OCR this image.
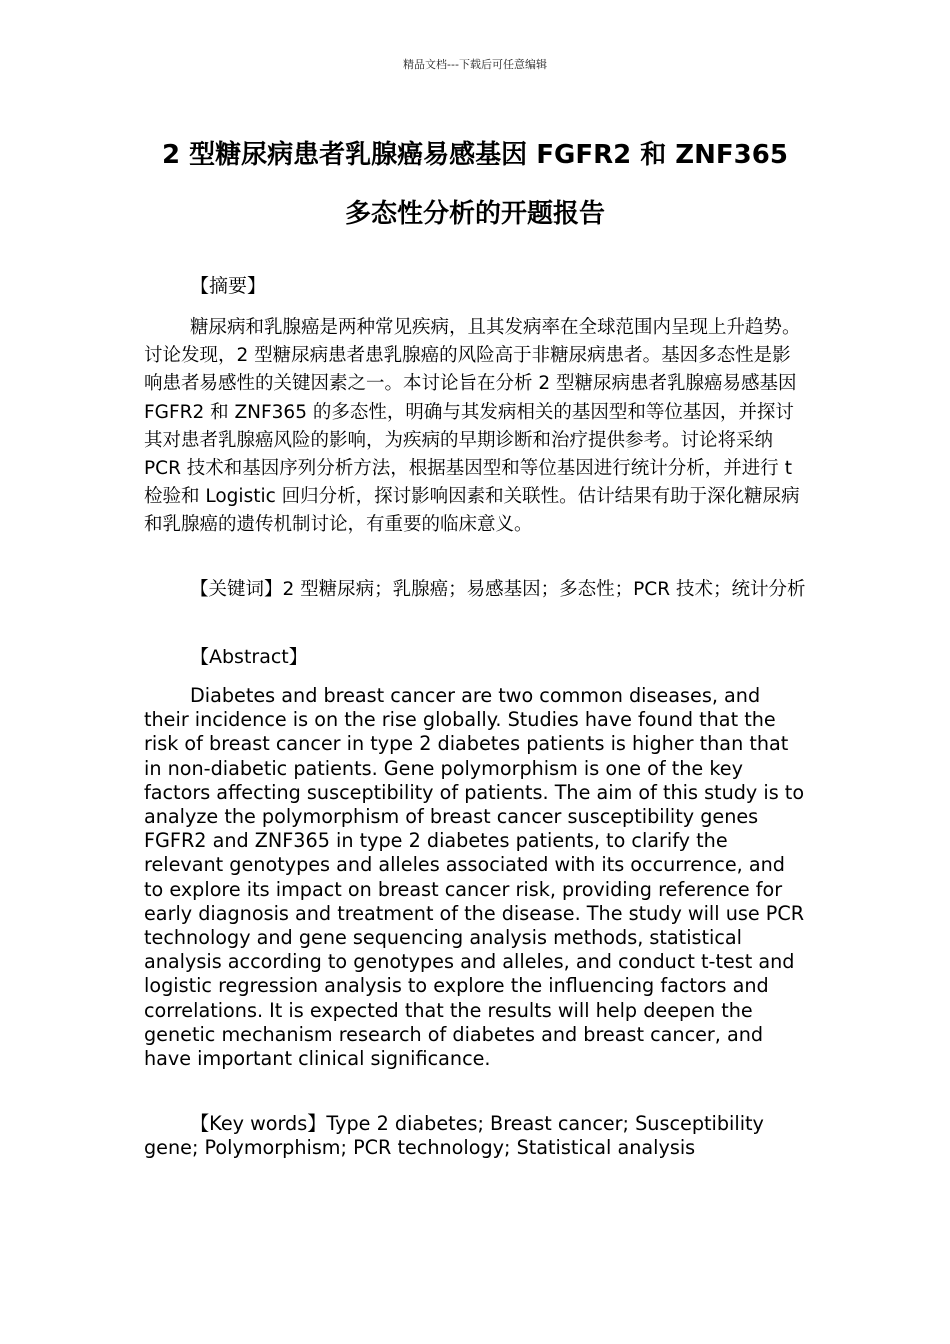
精品文档---下载后可任意编辑
2 型糖尿病患者乳腺癌易感基因 FGFR2 和 ZNF365
多态性分析的开题报告

【摘要】

糖尿病和乳腺癌是两种常见疾病，且其发病率在全球范围内呈现上升趋势。讨论发现，2 型糖尿病患者患乳腺癌的风险高于非糖尿病患者。基因多态性是影响患者易感性的关键因素之一。本讨论旨在分析 2 型糖尿病患者乳腺癌易感基因 FGFR2 和 ZNF365 的多态性，明确与其发病相关的基因型和等位基因，并探讨其对患者乳腺癌风险的影响，为疾病的早期诊断和治疗提供参考。讨论将采纳 PCR 技术和基因序列分析方法，根据基因型和等位基因进行统计分析，并进行 t 检验和 Logistic 回归分析，探讨影响因素和关联性。估计结果有助于深化糖尿病和乳腺癌的遗传机制讨论，有重要的临床意义。

【关键词】2 型糖尿病；乳腺癌；易感基因；多态性；PCR 技术；统计分析

【Abstract】

Diabetes and breast cancer are two common diseases, and their incidence is on the rise globally. Studies have found that the risk of breast cancer in type 2 diabetes patients is higher than that in non-diabetic patients. Gene polymorphism is one of the key factors affecting susceptibility of patients. The aim of this study is to analyze the polymorphism of breast cancer susceptibility genes FGFR2 and ZNF365 in type 2 diabetes patients, to clarify the relevant genotypes and alleles associated with its occurrence, and to explore its impact on breast cancer risk, providing reference for early diagnosis and treatment of the disease. The study will use PCR technology and gene sequencing analysis methods, statistical analysis according to genotypes and alleles, and conduct t-test and logistic regression analysis to explore the influencing factors and correlations. It is expected that the results will help deepen the genetic mechanism research of diabetes and breast cancer, and have important clinical significance.

【Key words】Type 2 diabetes; Breast cancer; Susceptibility gene; Polymorphism; PCR technology; Statistical analysis
